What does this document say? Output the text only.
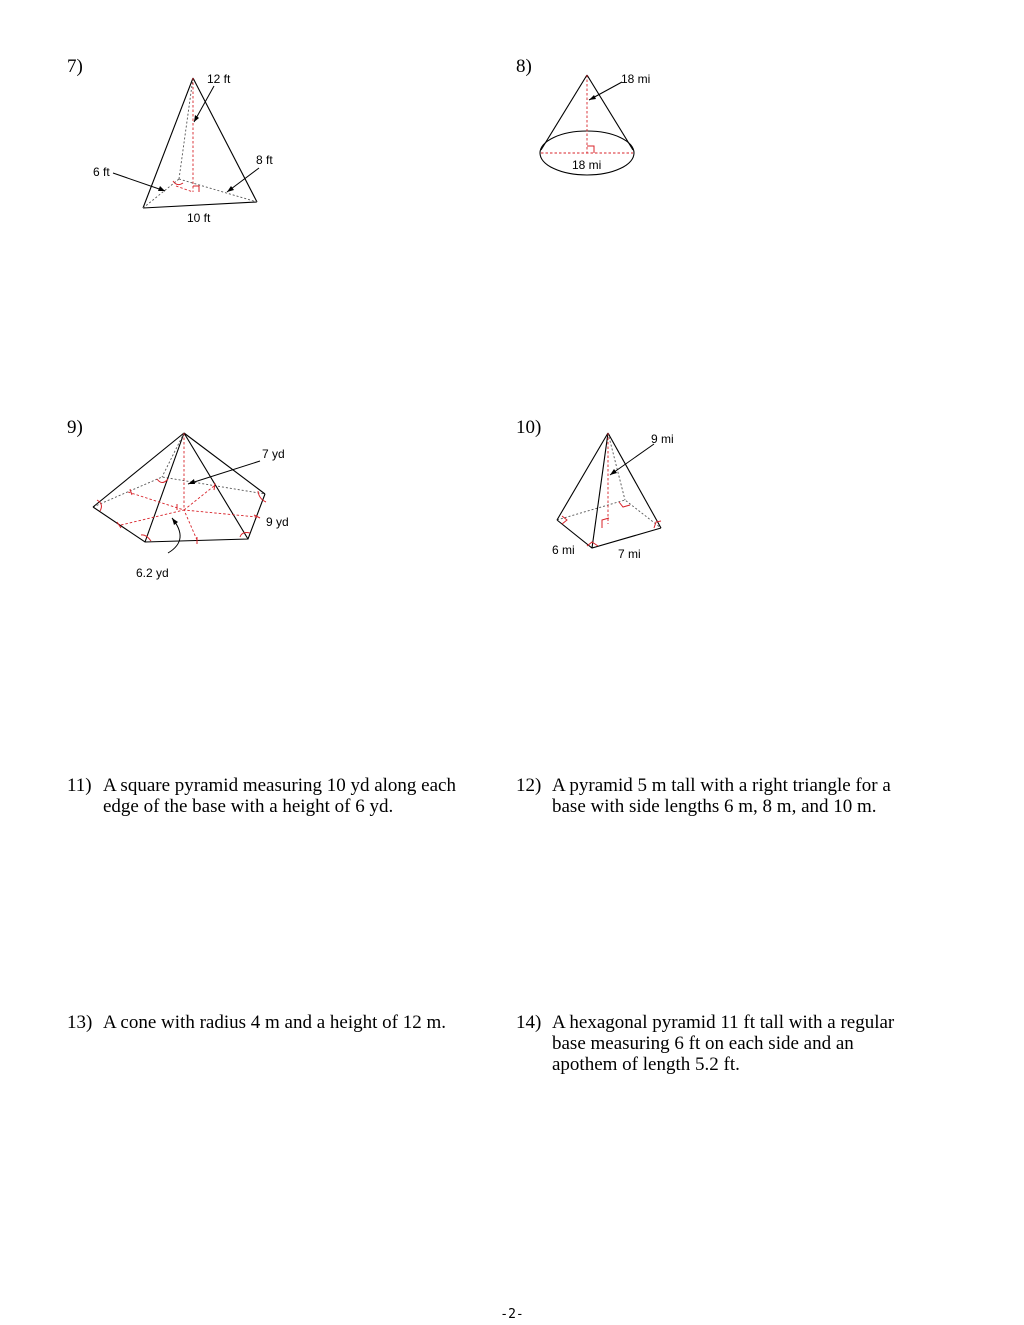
7)	8)
9)	10)
11)	12)
13)	14)
A square pyramid measuring 10 yd along each
edge of the base with a height of 6 yd.
A pyramid 5 m tall with a right triangle for a
base with side lengths 6 m, 8 m, and 10 m.
A cone with radius 4 m and a height of 12 m.	A hexagonal pyramid 11 ft tall with a regular
base measuring 6 ft on each side and an
apothem of length 5.2 ft.
12 ft
6 ft
8 ft
10 ft
18 mi
18 mi
7 yd
9 yd
6.2 yd
9 mi
6 mi	7 mi
-2-
